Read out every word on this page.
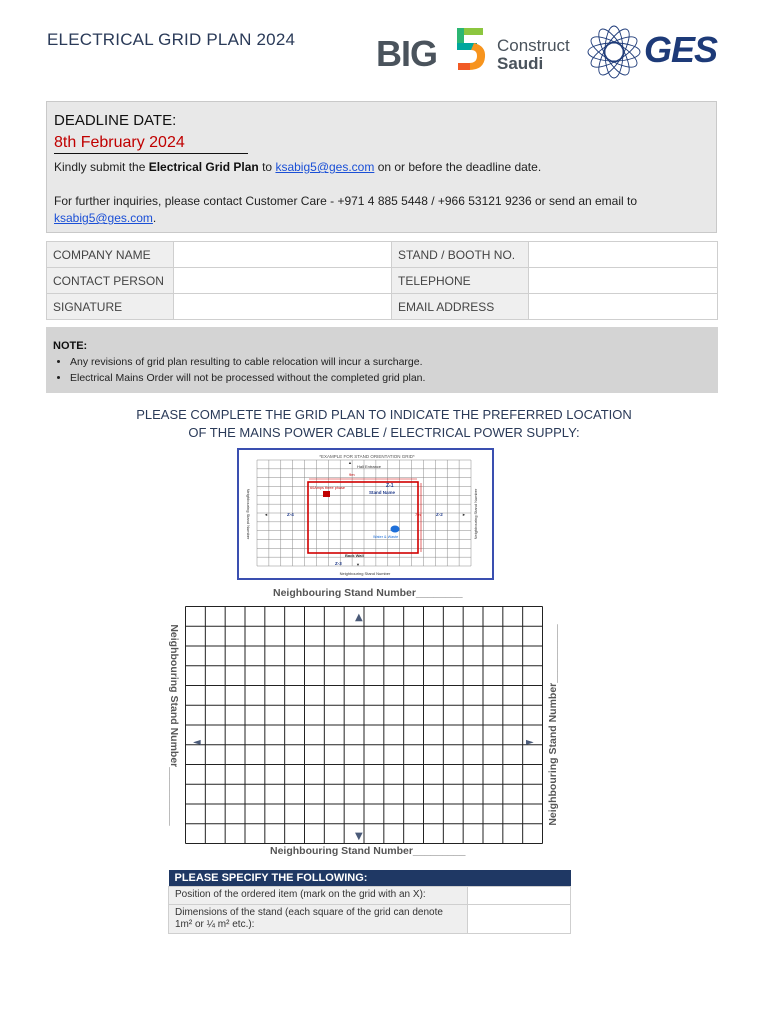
ELECTRICAL GRID PLAN 2024 BIG	Construct
Saudi	GES
DEADLINE DATE:
8th February 2024

Kindly submit the Electrical Grid Plan to ksabig5@ges.com on or before the deadline date.

For further inquiries, please contact Customer Care - +971 4 885 5448 / +966 53121 9236 or send an email to ksabig5@ges.com.

COMPANY NAME		STAND / BOOTH NO.	
CONTACT PERSON		TELEPHONE	
SIGNATURE		EMAIL ADDRESS	
NOTE:
• Any revisions of grid plan resulting to cable relocation will incur a surcharge.
• Electrical Mains Order will not be processed without the completed grid plan.
PLEASE COMPLETE THE GRID PLAN TO INDICATE THE PREFERRED LOCATION
OF THE MAINS POWER CABLE / ELECTRICAL POWER SUPPLY:
*EXAMPLE FOR STAND ORIENTATION GRID*
Hall Entrance
▲
9m
60Amps three phase	Z-1
Stand Name
Z-4	Z-2
7m
◄	►
Water & Waste
Back Wall
Z-3	▼
Neighbouring Stand Number
Neighbouring Stand Number	Neighbouring Stand Number
Neighbouring Stand Number________
Neighbouring Stand Number__________	Neighbouring Stand Number__________
▲
▼
◄	►
Neighbouring Stand Number_________
PLEASE SPECIFY THE FOLLOWING:	
Position of the ordered item (mark on the grid with an X):	
Dimensions of the stand (each square of the grid can denote 1m² or ¼ m² etc.):	
